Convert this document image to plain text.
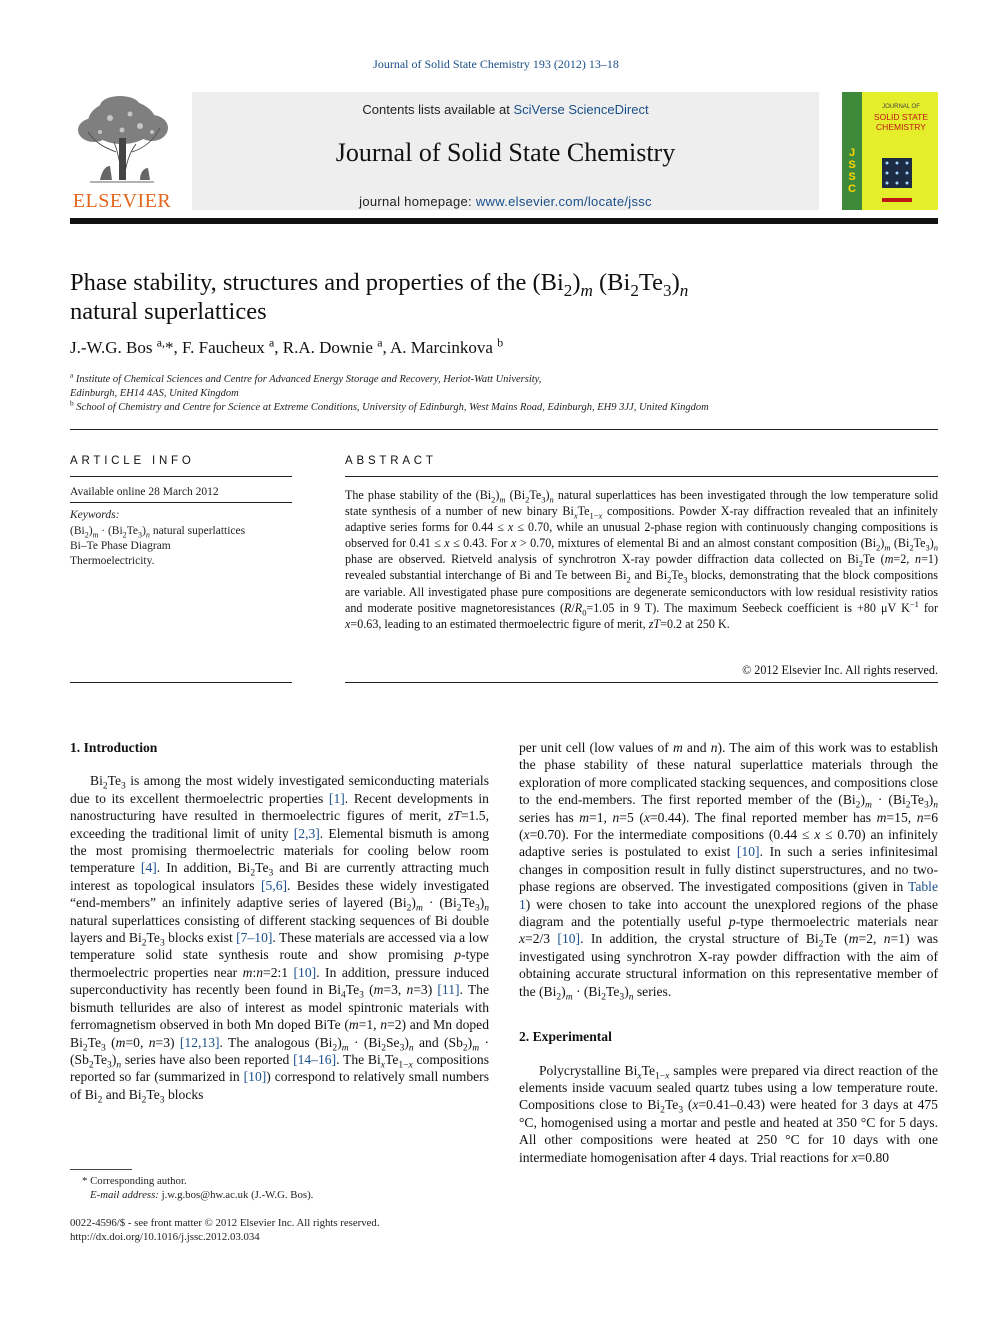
Journal of Solid State Chemistry 193 (2012) 13–18
ELSEVIER
Contents lists available at SciVerse ScienceDirect
Journal of Solid State Chemistry
journal homepage: www.elsevier.com/locate/jssc
J
S
S
C
JOURNAL OF
SOLID STATE CHEMISTRY
Phase stability, structures and properties of the $(Bi_2)_m$ $(Bi_2Te_3)_n$
natural superlattices
J.-W.G. Bos $^{a,}$*, F. Faucheux $^a$, R.A. Downie $^a$, A. Marcinkova $^b$
$^a$ Institute of Chemical Sciences and Centre for Advanced Energy Storage and Recovery, Heriot-Watt University,
Edinburgh, EH14 4AS, United Kingdom
$^b$ School of Chemistry and Centre for Science at Extreme Conditions, University of Edinburgh, West Mains Road, Edinburgh, EH9 3JJ, United Kingdom
ARTICLE INFO
Available online 28 March 2012
Keywords:
$(Bi_2)_m \cdot (Bi_2Te_3)_n$ natural superlattices
Bi–Te Phase Diagram
Thermoelectricity.
ABSTRACT
The phase stability of the $(Bi_2)_m$ $(Bi_2Te_3)_n$ natural superlattices has been investigated through the low temperature solid state synthesis of a number of new binary $Bi_xTe_{1-x}$ compositions. Powder X-ray diffraction revealed that an infinitely adaptive series forms for 0.44 ≤ x ≤ 0.70, while an unusual 2-phase region with continuously changing compositions is observed for 0.41 ≤ x ≤ 0.43. For x > 0.70, mixtures of elemental Bi and an almost constant composition $(Bi_2)_m$ $(Bi_2Te_3)_n$ phase are observed. Rietveld analysis of synchrotron X-ray powder diffraction data collected on $Bi_2Te$ (m=2, n=1) revealed substantial interchange of Bi and Te between $Bi_2$ and $Bi_2Te_3$ blocks, demonstrating that the block compositions are variable. All investigated phase pure compositions are degenerate semiconductors with low residual resistivity ratios and moderate positive magnetoresistances ($R/R_0=1.05$ in 9 T). The maximum Seebeck coefficient is +80 μV $K^{-1}$ for x=0.63, leading to an estimated thermoelectric figure of merit, zT=0.2 at 250 K.
© 2012 Elsevier Inc. All rights reserved.
1. Introduction

$Bi_2Te_3$ is among the most widely investigated semiconducting materials due to its excellent thermoelectric properties [1]. Recent developments in nanostructuring have resulted in thermoelectric figures of merit, zT=1.5, exceeding the traditional limit of unity [2,3]. Elemental bismuth is among the most promising thermoelectric materials for cooling below room temperature [4]. In addition, $Bi_2Te_3$ and Bi are currently attracting much interest as topological insulators [5,6]. Besides these widely investigated “end-members” an infinitely adaptive series of layered $(Bi_2)_m \cdot (Bi_2Te_3)_n$ natural superlattices consisting of different stacking sequences of Bi double layers and $Bi_2Te_3$ blocks exist [7–10]. These materials are accessed via a low temperature solid state synthesis route and show promising p-type thermoelectric properties near m:n=2:1 [10]. In addition, pressure induced superconductivity has recently been found in $Bi_4Te_3$ (m=3, n=3) [11]. The bismuth tellurides are also of interest as model spintronic materials with ferromagnetism observed in both Mn doped BiTe (m=1, n=2) and Mn doped $Bi_2Te_3$ (m=0, n=3) [12,13]. The analogous $(Bi_2)_m \cdot (Bi_2Se_3)_n$ and $(Sb_2)_m \cdot (Sb_2Te_3)_n$ series have also been reported [14–16]. The $Bi_xTe_{1-x}$ compositions reported so far (summarized in [10]) correspond to relatively small numbers of $Bi_2$ and $Bi_2Te_3$ blocks

per unit cell (low values of m and n). The aim of this work was to establish the phase stability of these natural superlattice materials through the exploration of more complicated stacking sequences, and compositions close to the end-members. The first reported member of the $(Bi_2)_m \cdot (Bi_2Te_3)_n$ series has m=1, n=5 (x=0.44). The final reported member has m=15, n=6 (x=0.70). For the intermediate compositions (0.44 ≤ x ≤ 0.70) an infinitely adaptive series is postulated to exist [10]. In such a series infinitesimal changes in composition result in fully distinct superstructures, and no two-phase regions are observed. The investigated compositions (given in Table 1) were chosen to take into account the unexplored regions of the phase diagram and the potentially useful p-type thermoelectric materials near x=2/3 [10]. In addition, the crystal structure of $Bi_2Te$ (m=2, n=1) was investigated using synchrotron X-ray powder diffraction with the aim of obtaining accurate structural information on this representative member of the $(Bi_2)_m \cdot (Bi_2Te_3)_n$ series.

2. Experimental

Polycrystalline $Bi_xTe_{1-x}$ samples were prepared via direct reaction of the elements inside vacuum sealed quartz tubes using a low temperature route. Compositions close to $Bi_2Te_3$ (x=0.41–0.43) were heated for 3 days at 475 °C, homogenised using a mortar and pestle and heated at 350 °C for 5 days. All other compositions were heated at 250 °C for 10 days with one intermediate homogenisation after 4 days. Trial reactions for x=0.80

* Corresponding author.
E-mail address: j.w.g.bos@hw.ac.uk (J.-W.G. Bos).
0022-4596/$ - see front matter © 2012 Elsevier Inc. All rights reserved.
http://dx.doi.org/10.1016/j.jssc.2012.03.034
